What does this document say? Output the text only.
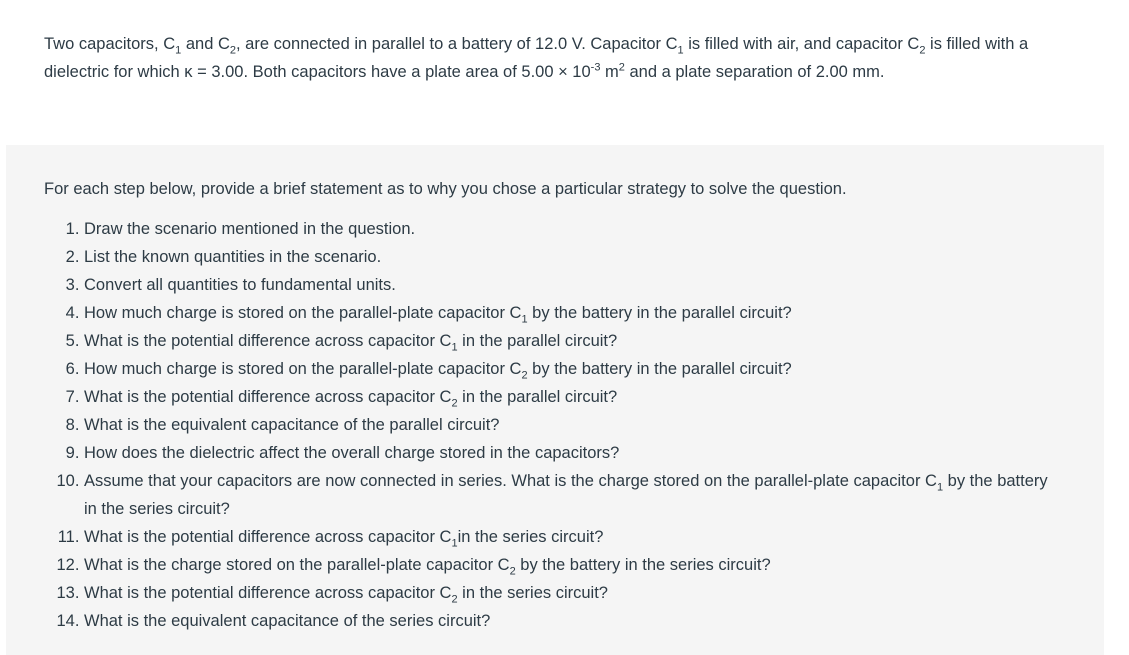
Two capacitors, $C_1$ and $C_2$, are connected in parallel to a battery of 12.0 V. Capacitor $C_1$ is filled with air, and capacitor $C_2$ is filled with a dielectric for which κ = 3.00. Both capacitors have a plate area of $5.00 \times 10^{-3}$ $m^2$ and a plate separation of 2.00 mm.

For each step below, provide a brief statement as to why you chose a particular strategy to solve the question.

1. Draw the scenario mentioned in the question.
2. List the known quantities in the scenario.
3. Convert all quantities to fundamental units.
4. How much charge is stored on the parallel-plate capacitor $C_1$ by the battery in the parallel circuit?
5. What is the potential difference across capacitor $C_1$ in the parallel circuit?
6. How much charge is stored on the parallel-plate capacitor $C_2$ by the battery in the parallel circuit?
7. What is the potential difference across capacitor $C_2$ in the parallel circuit?
8. What is the equivalent capacitance of the parallel circuit?
9. How does the dielectric affect the overall charge stored in the capacitors?
10. Assume that your capacitors are now connected in series. What is the charge stored on the parallel-plate capacitor $C_1$ by the battery in the series circuit?
11. What is the potential difference across capacitor $C_1in$ the series circuit?
12. What is the charge stored on the parallel-plate capacitor $C_2$ by the battery in the series circuit?
13. What is the potential difference across capacitor $C_2$ in the series circuit?
14. What is the equivalent capacitance of the series circuit?
